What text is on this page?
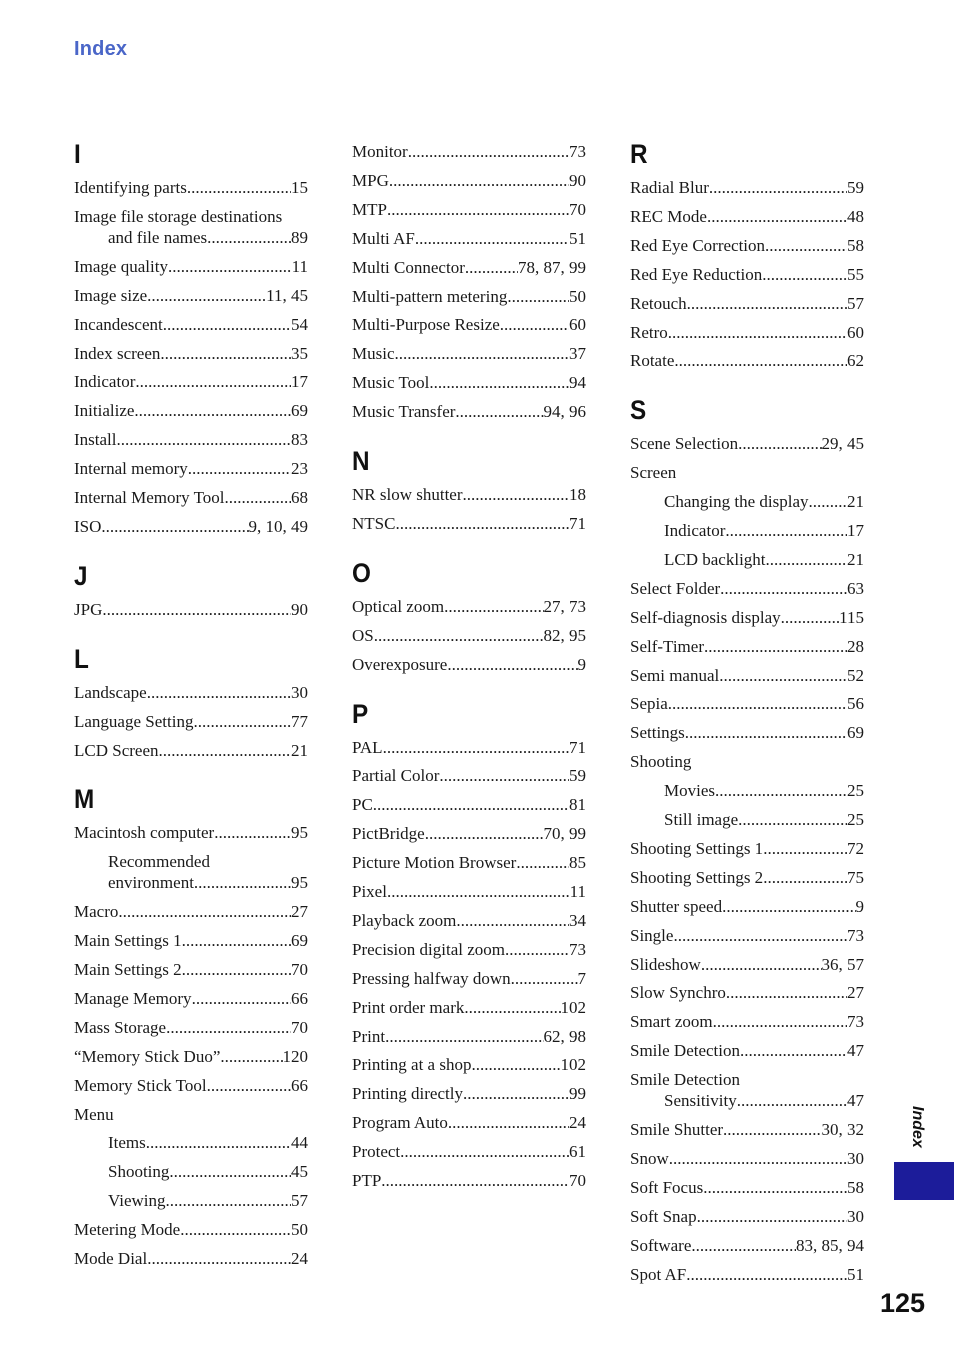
Index
I
Identifying parts .....	15
Image file storage destinations
and file names .....	89
Image quality .....	11
Image size .....	11, 45
Incandescent .....	54
Index screen .....	35
Indicator .....	17
Initialize .....	69
Install .....	83
Internal memory .....	23
Internal Memory Tool .....	68
ISO .....	9, 10, 49
J
JPG .....	90
L
Landscape .....	30
Language Setting .....	77
LCD Screen .....	21
M
Macintosh computer .....	95
Recommended
environment .....	95
Macro .....	27
Main Settings 1 .....	69
Main Settings 2 .....	70
Manage Memory .....	66
Mass Storage .....	70
“Memory Stick Duo” .....	120
Memory Stick Tool .....	66
Menu
Items .....	44
Shooting .....	45
Viewing .....	57
Metering Mode .....	50
Mode Dial .....	24
Monitor .....	73
MPG .....	90
MTP .....	70
Multi AF .....	51
Multi Connector .....	78, 87, 99
Multi-pattern metering .....	50
Multi-Purpose Resize .....	60
Music .....	37
Music Tool .....	94
Music Transfer .....	94, 96
N
NR slow shutter .....	18
NTSC .....	71
O
Optical zoom .....	27, 73
OS .....	82, 95
Overexposure .....	9
P
PAL .....	71
Partial Color .....	59
PC .....	81
PictBridge .....	70, 99
Picture Motion Browser .....	85
Pixel .....	11
Playback zoom .....	34
Precision digital zoom .....	73
Pressing halfway down .....	7
Print order mark .....	102
Print .....	62, 98
Printing at a shop .....	102
Printing directly .....	99
Program Auto .....	24
Protect .....	61
PTP .....	70
R
Radial Blur .....	59
REC Mode .....	48
Red Eye Correction .....	58
Red Eye Reduction .....	55
Retouch .....	57
Retro .....	60
Rotate .....	62
S
Scene Selection .....	29, 45
Screen
Changing the display ..... 21
Indicator .....	17
LCD backlight .....	21
Select Folder .....	63
Self-diagnosis display .....	115
Self-Timer .....	28
Semi manual .....	52
Sepia .....	56
Settings .....	69
Shooting
Movies .....	25
Still image .....	25
Shooting Settings 1 .....	72
Shooting Settings 2 .....	75
Shutter speed .....	9
Single .....	73
Slideshow .....	36, 57
Slow Synchro .....	27
Smart zoom .....	73
Smile Detection .....	47
Smile Detection
Sensitivity .....	47
Smile Shutter .....	30, 32
Snow .....	30
Soft Focus .....	58
Soft Snap .....	30
Software .....	83, 85, 94
Spot AF .....	51
Index
125
